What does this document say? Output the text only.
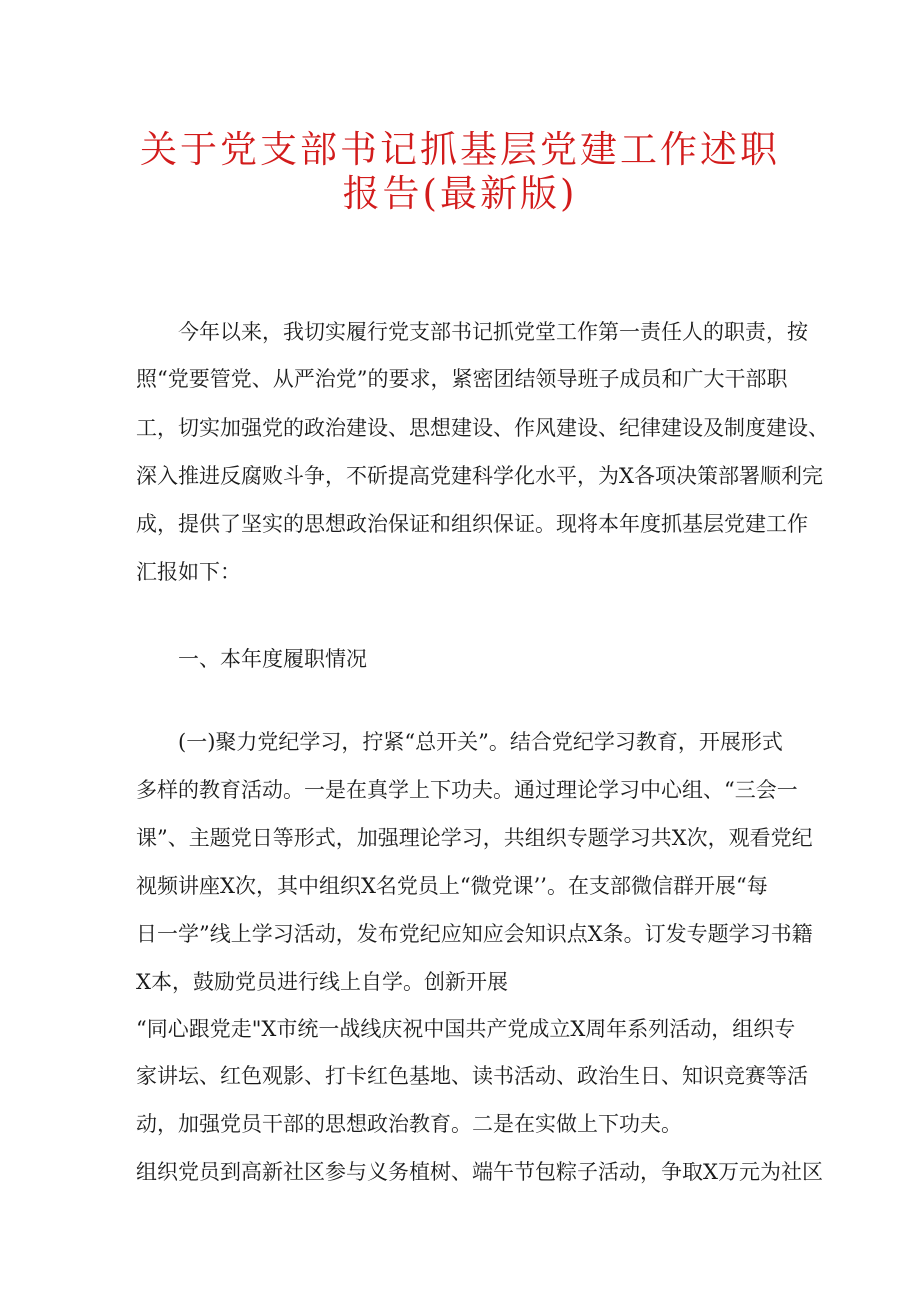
关于党支部书记抓基层党建工作述职
报告(最新版)
今年以来，我切实履行党支部书记抓党堂工作第一责任人的职责，按
照“党要管党、从严治党”的要求，紧密团结领导班子成员和广大干部职
工，切实加强党的政治建设、思想建设、作风建设、纪律建设及制度建设、
深入推进反腐败斗争，不斫提高党建科学化水平，为X各项决策部署顺利完
成，提供了坚实的思想政治保证和组织保证。现将本年度抓基层党建工作
汇报如下：
一、本年度履职情况
(一)聚力党纪学习，拧紧“总开关”。结合党纪学习教育，开展形式
多样的教育活动。一是在真学上下功夫。通过理论学习中心组、“三会一
课”、主题党日等形式，加强理论学习，共组织专题学习共X次，观看党纪
视频讲座X次，其中组织X名党员上“微党课’’。在支部微信群开展“每
日一学”线上学习活动，发布党纪应知应会知识点X条。订发专题学习书籍
X本，鼓励党员进行线上自学。创新开展
“同心跟党走"X市统一战线庆祝中国共产党成立X周年系列活动，组织专
家讲坛、红色观影、打卡红色基地、读书活动、政治生日、知识竞赛等活
动，加强党员干部的思想政治教育。二是在实做上下功夫。
组织党员到高新社区参与义务植树、端午节包粽子活动，争取X万元为社区
